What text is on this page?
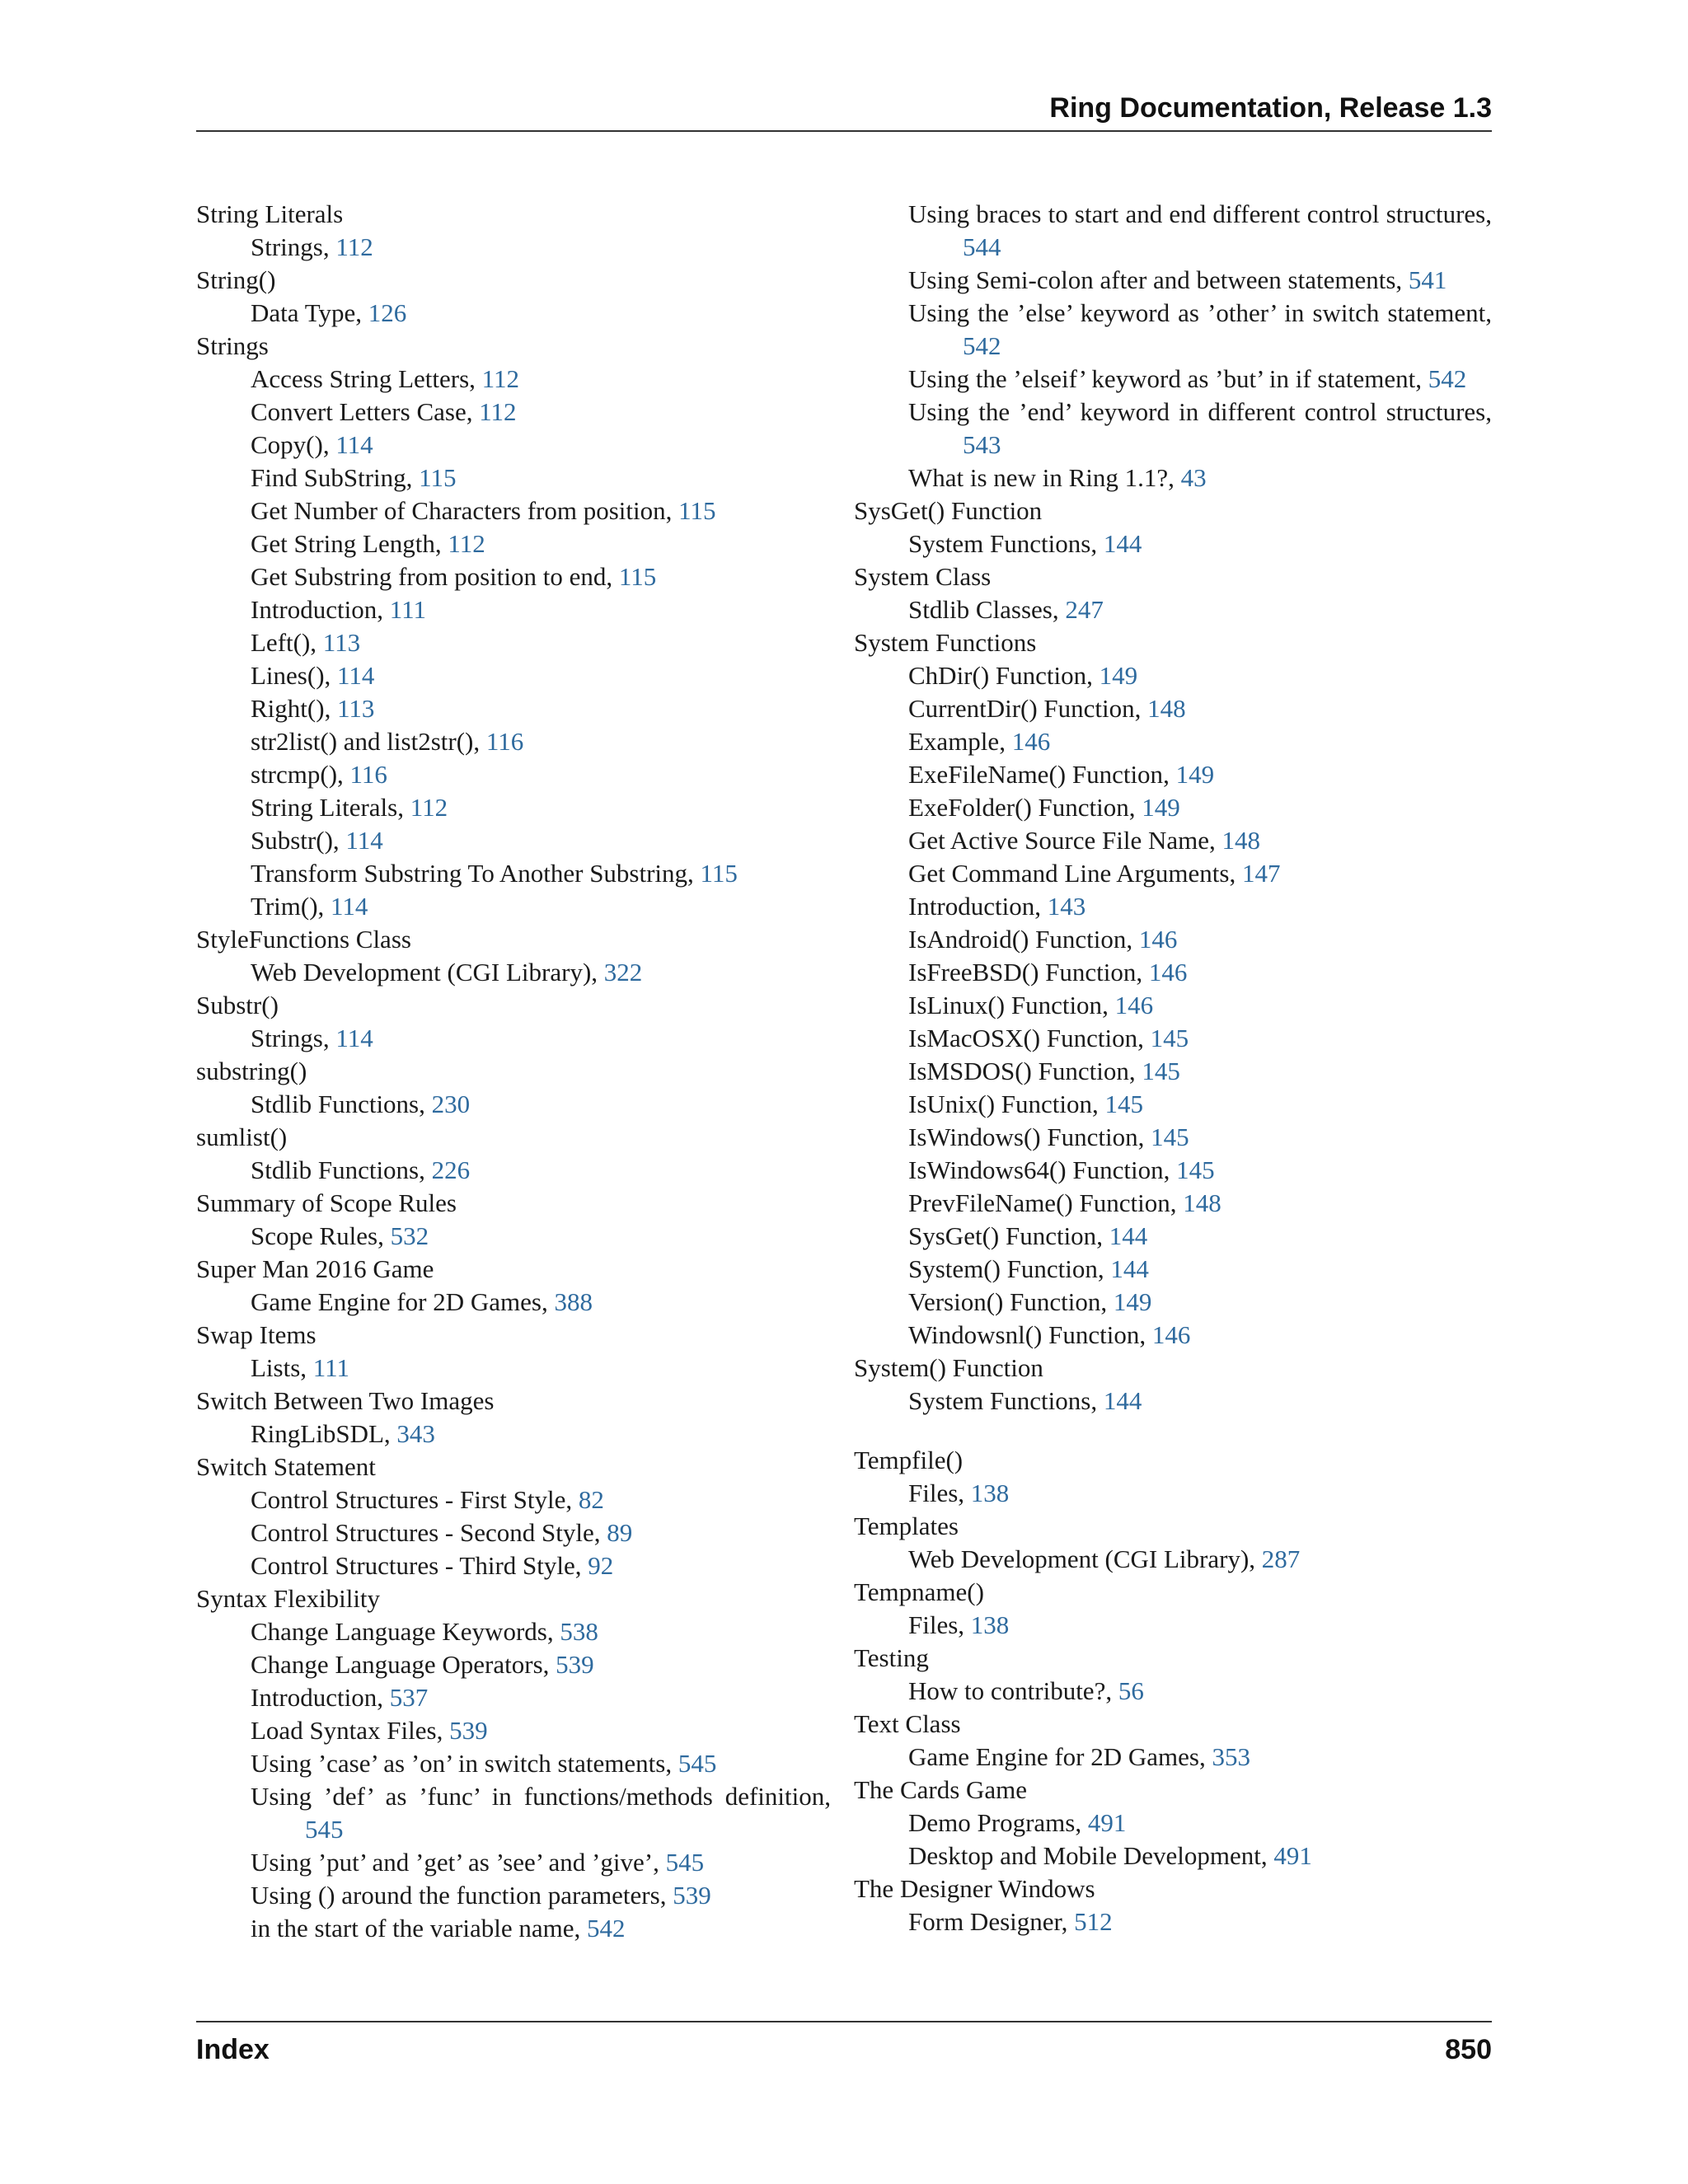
Ring Documentation, Release 1.3
String Literals
Strings, 112
String()
Data Type, 126
Strings
Access String Letters, 112
Convert Letters Case, 112
Copy(), 114
Find SubString, 115
Get Number of Characters from position, 115
Get String Length, 112
Get Substring from position to end, 115
Introduction, 111
Left(), 113
Lines(), 114
Right(), 113
str2list() and list2str(), 116
strcmp(), 116
String Literals, 112
Substr(), 114
Transform Substring To Another Substring, 115
Trim(), 114
StyleFunctions Class
Web Development (CGI Library), 322
Substr()
Strings, 114
substring()
Stdlib Functions, 230
sumlist()
Stdlib Functions, 226
Summary of Scope Rules
Scope Rules, 532
Super Man 2016 Game
Game Engine for 2D Games, 388
Swap Items
Lists, 111
Switch Between Two Images
RingLibSDL, 343
Switch Statement
Control Structures - First Style, 82
Control Structures - Second Style, 89
Control Structures - Third Style, 92
Syntax Flexibility
Change Language Keywords, 538
Change Language Operators, 539
Introduction, 537
Load Syntax Files, 539
Using ’case’ as ’on’ in switch statements, 545
Using ’def’ as ’func’ in functions/methods definition, 545
Using ’put’ and ’get’ as ’see’ and ’give’, 545
Using () around the function parameters, 539
in the start of the variable name, 542
Using braces to start and end different control structures, 544
Using Semi-colon after and between statements, 541
Using the ’else’ keyword as ’other’ in switch statement, 542
Using the ’elseif’ keyword as ’but’ in if statement, 542
Using the ’end’ keyword in different control structures, 543
What is new in Ring 1.1?, 43
SysGet() Function
System Functions, 144
System Class
Stdlib Classes, 247
System Functions
ChDir() Function, 149
CurrentDir() Function, 148
Example, 146
ExeFileName() Function, 149
ExeFolder() Function, 149
Get Active Source File Name, 148
Get Command Line Arguments, 147
Introduction, 143
IsAndroid() Function, 146
IsFreeBSD() Function, 146
IsLinux() Function, 146
IsMacOSX() Function, 145
IsMSDOS() Function, 145
IsUnix() Function, 145
IsWindows() Function, 145
IsWindows64() Function, 145
PrevFileName() Function, 148
SysGet() Function, 144
System() Function, 144
Version() Function, 149
Windowsnl() Function, 146
System() Function
System Functions, 144
Tempfile()
Files, 138
Templates
Web Development (CGI Library), 287
Tempname()
Files, 138
Testing
How to contribute?, 56
Text Class
Game Engine for 2D Games, 353
The Cards Game
Demo Programs, 491
Desktop and Mobile Development, 491
The Designer Windows
Form Designer, 512
Index	850
